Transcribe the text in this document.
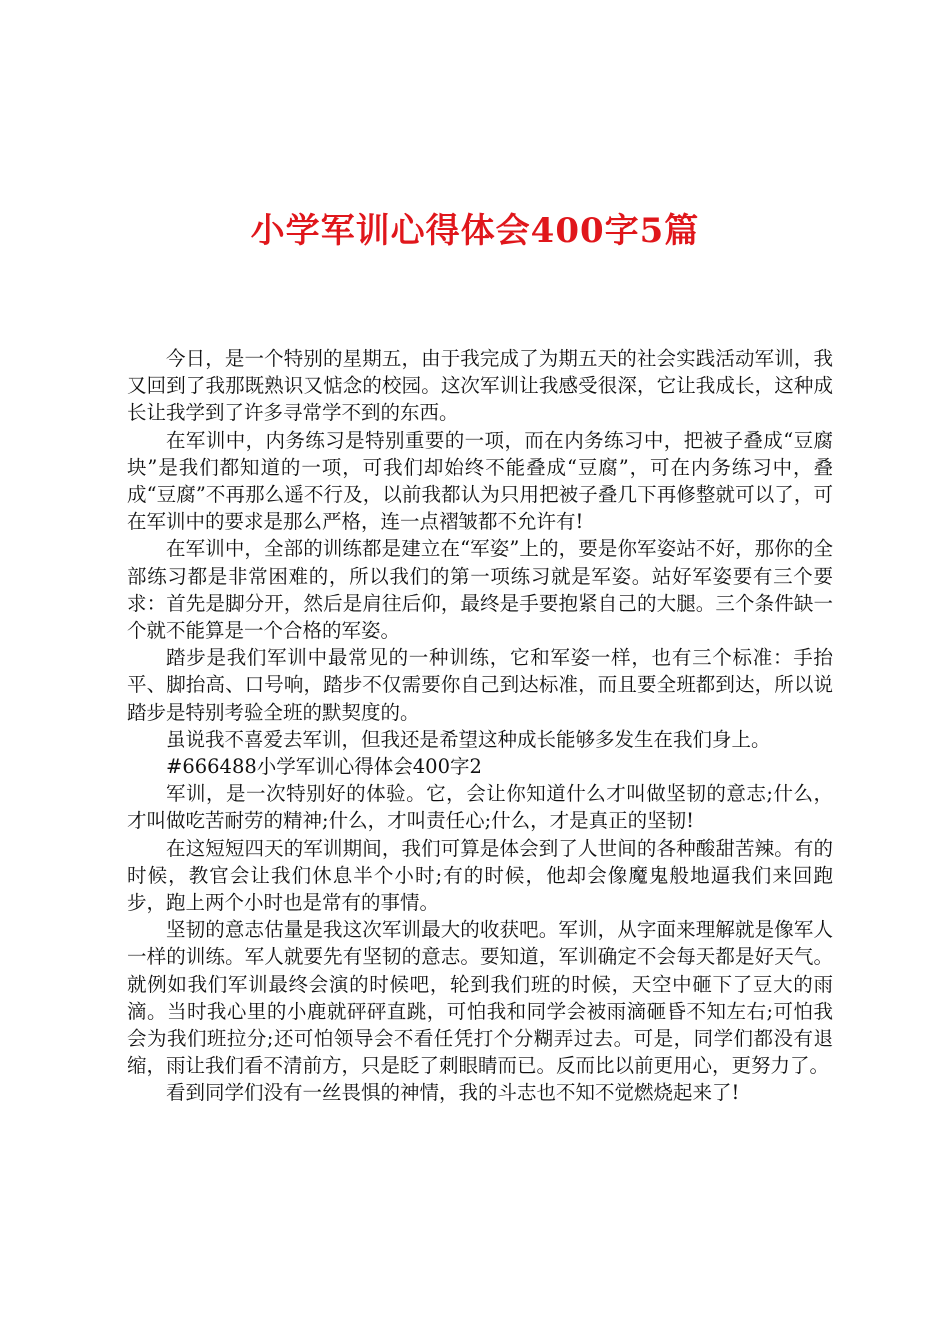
小学军训心得体会400字5篇

今日，是一个特别的星期五，由于我完成了为期五天的社会实践活动军训，我又回到了我那既熟识又惦念的校园。这次军训让我感受很深，它让我成长，这种成长让我学到了许多寻常学不到的东西。

在军训中，内务练习是特别重要的一项，而在内务练习中，把被子叠成“豆腐块”是我们都知道的一项，可我们却始终不能叠成“豆腐”，可在内务练习中，叠成“豆腐”不再那么遥不行及，以前我都认为只用把被子叠几下再修整就可以了，可在军训中的要求是那么严格，连一点褶皱都不允许有!

在军训中，全部的训练都是建立在“军姿”上的，要是你军姿站不好，那你的全部练习都是非常困难的，所以我们的第一项练习就是军姿。站好军姿要有三个要求：首先是脚分开，然后是肩往后仰，最终是手要抱紧自己的大腿。三个条件缺一个就不能算是一个合格的军姿。

踏步是我们军训中最常见的一种训练，它和军姿一样，也有三个标准：手抬平、脚抬高、口号响，踏步不仅需要你自己到达标准，而且要全班都到达，所以说踏步是特别考验全班的默契度的。

虽说我不喜爱去军训，但我还是希望这种成长能够多发生在我们身上。

#666488小学军训心得体会400字2

军训，是一次特别好的体验。它，会让你知道什么才叫做坚韧的意志;什么，才叫做吃苦耐劳的精神;什么，才叫责任心;什么，才是真正的坚韧!

在这短短四天的军训期间，我们可算是体会到了人世间的各种酸甜苦辣。有的时候，教官会让我们休息半个小时;有的时候，他却会像魔鬼般地逼我们来回跑步，跑上两个小时也是常有的事情。

坚韧的意志估量是我这次军训最大的收获吧。军训，从字面来理解就是像军人一样的训练。军人就要先有坚韧的意志。要知道，军训确定不会每天都是好天气。就例如我们军训最终会演的时候吧，轮到我们班的时候，天空中砸下了豆大的雨滴。当时我心里的小鹿就砰砰直跳，可怕我和同学会被雨滴砸昏不知左右;可怕我会为我们班拉分;还可怕领导会不看任凭打个分糊弄过去。可是，同学们都没有退缩，雨让我们看不清前方，只是眨了刺眼睛而已。反而比以前更用心，更努力了。

看到同学们没有一丝畏惧的神情，我的斗志也不知不觉燃烧起来了!
